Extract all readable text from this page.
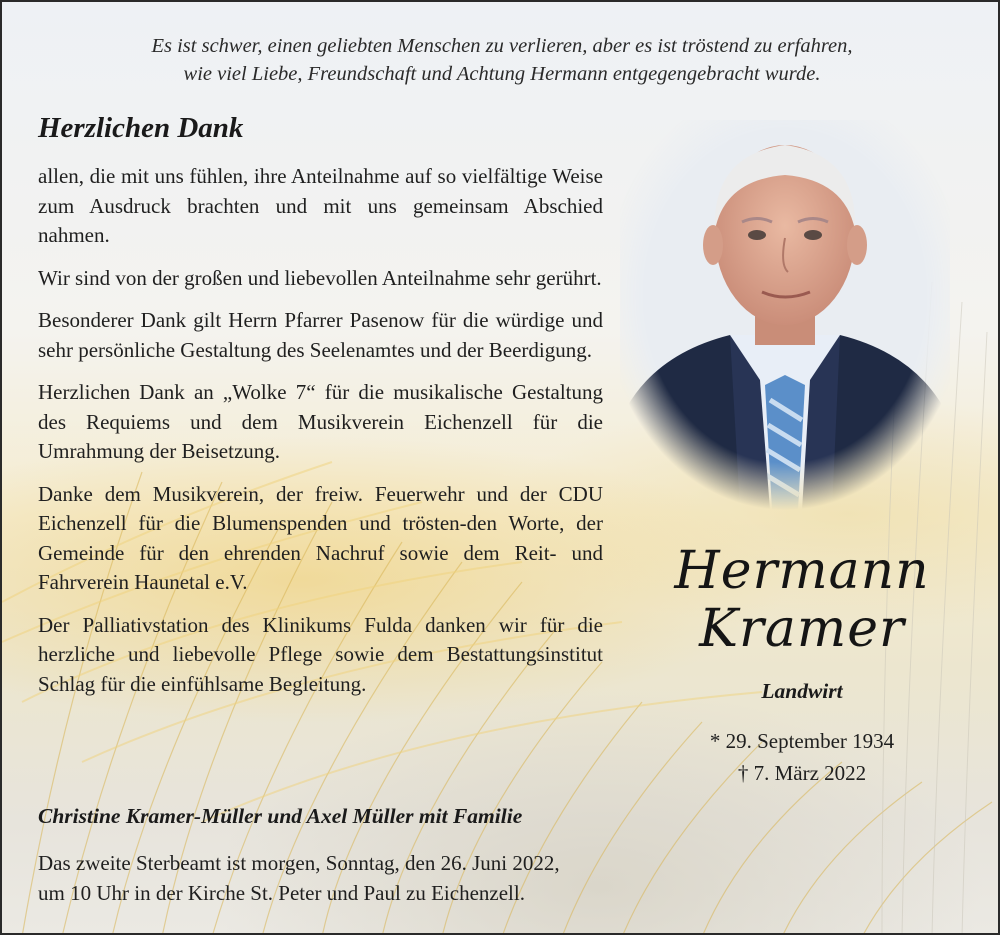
Es ist schwer, einen geliebten Menschen zu verlieren, aber es ist tröstend zu erfahren,
wie viel Liebe, Freundschaft und Achtung Hermann entgegengebracht wurde.
Herzlichen Dank

allen, die mit uns fühlen, ihre Anteilnahme auf so vielfältige Weise zum Ausdruck brachten und mit uns gemeinsam Abschied nahmen.

Wir sind von der großen und liebevollen Anteilnahme sehr gerührt.

Besonderer Dank gilt Herrn Pfarrer Pasenow für die würdige und sehr persönliche Gestaltung des Seelenamtes und der Beerdigung.

Herzlichen Dank an „Wolke 7“ für die musikalische Gestaltung des Requiems und dem Musikverein Eichenzell für die Umrahmung der Beisetzung.

Danke dem Musikverein, der freiw. Feuerwehr und der CDU Eichenzell für die Blumenspenden und trösten-den Worte, der Gemeinde für den ehrenden Nachruf sowie dem Reit- und Fahrverein Haunetal e.V.

Der Palliativstation des Klinikums Fulda danken wir für die herzliche und liebevolle Pflege sowie dem Bestattungsinstitut Schlag für die einfühlsame Begleitung.

Christine Kramer-Müller und Axel Müller mit Familie
Das zweite Sterbeamt ist morgen, Sonntag, den 26. Juni 2022,
um 10 Uhr in der Kirche St. Peter und Paul zu Eichenzell.
Hermann
Kramer
Landwirt
* 29. September 1934
† 7. März 2022
